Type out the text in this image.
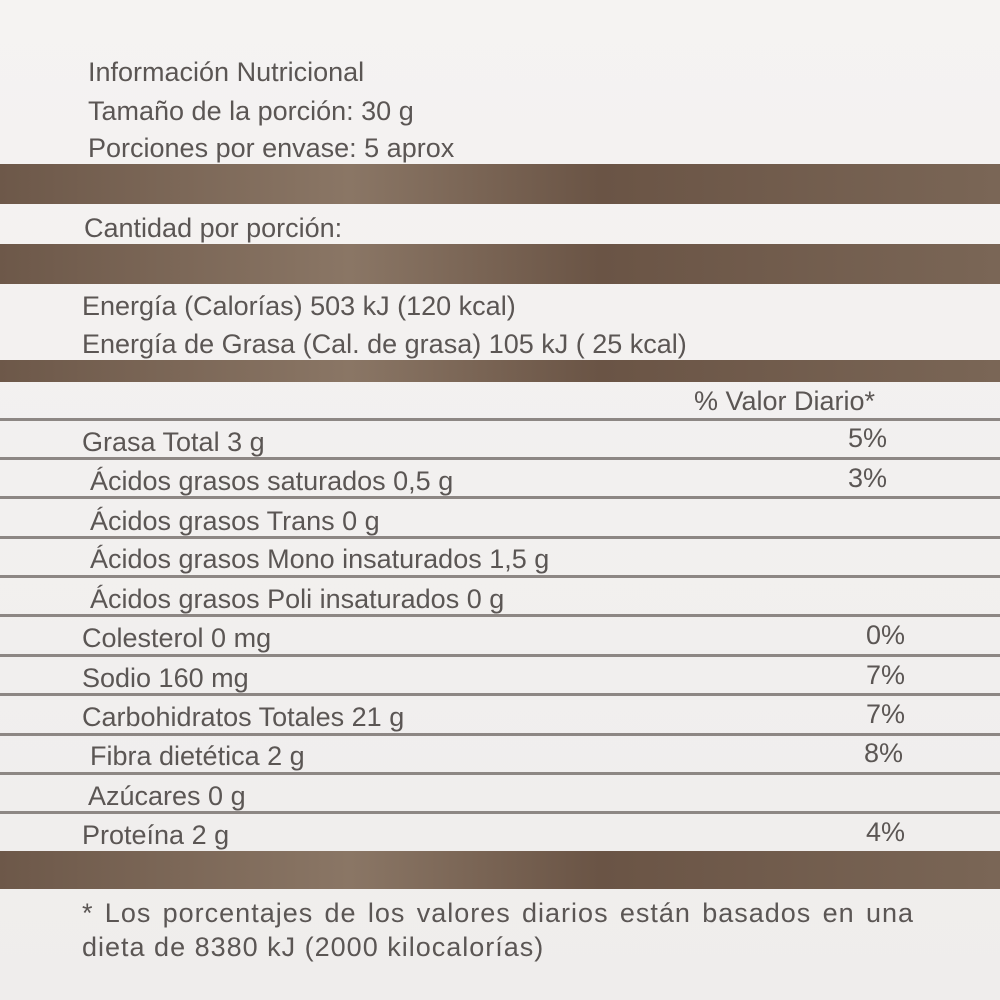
Información Nutricional
Tamaño de la porción: 30 g
Porciones por envase: 5 aprox
Cantidad por porción:
Energía (Calorías) 503 kJ (120 kcal)
Energía de Grasa (Cal. de grasa) 105 kJ ( 25 kcal)
% Valor Diario*
Grasa Total 3 g	5%
Ácidos grasos saturados 0,5 g	3%
Ácidos grasos Trans 0 g
Ácidos grasos Mono insaturados 1,5 g
Ácidos grasos Poli insaturados 0 g
Colesterol 0 mg	0%
Sodio 160 mg	7%
Carbohidratos Totales 21 g	7%
Fibra dietética 2 g	8%
Azúcares 0 g
Proteína 2 g	4%
* Los porcentajes de los valores diarios están basados en una dieta de 8380 kJ (2000 kilocalorías)
